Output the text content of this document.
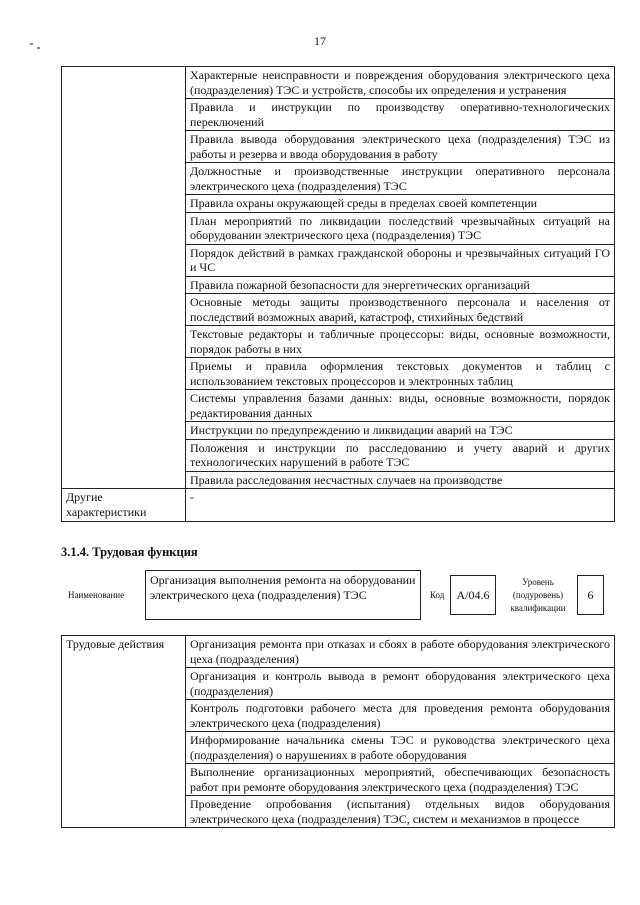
17
	Характерные неисправности и повреждения оборудования электрического цеха (подразделения) ТЭС и устройств, способы их определения и устранения
	Правила и инструкции по производству оперативно-технологических переключений
	Правила вывода оборудования электрического цеха (подразделения) ТЭС из работы и резерва и ввода оборудования в работу
	Должностные и производственные инструкции оперативного персонала электрического цеха (подразделения) ТЭС
	Правила охраны окружающей среды в пределах своей компетенции
	План мероприятий по ликвидации последствий чрезвычайных ситуаций на оборудовании электрического цеха (подразделения) ТЭС
	Порядок действий в рамках гражданской обороны и чрезвычайных ситуаций ГО и ЧС
	Правила пожарной безопасности для энергетических организаций
	Основные методы защиты производственного персонала и населения от последствий возможных аварий, катастроф, стихийных бедствий
	Текстовые редакторы и табличные процессоры: виды, основные возможности, порядок работы в них
	Приемы и правила оформления текстовых документов и таблиц с использованием текстовых процессоров и электронных таблиц
	Системы управления базами данных: виды, основные возможности, порядок редактирования данных
	Инструкции по предупреждению и ликвидации аварий на ТЭС
	Положения и инструкции по расследованию и учету аварий и других технологических нарушений в работе ТЭС
	Правила расследования несчастных случаев на производстве
Другие характеристики	-
3.1.4. Трудовая функция
Наименование
Организация выполнения ремонта на оборудовании электрического цеха (подразделения) ТЭС	Код	A/04.6
Уровень (подуровень) квалификации
6
Трудовые действия	Организация ремонта при отказах и сбоях в работе оборудования электрического цеха (подразделения)
Организация и контроль вывода в ремонт оборудования электрического цеха (подразделения)
Контроль подготовки рабочего места для проведения ремонта оборудования электрического цеха (подразделения)
Информирование начальника смены ТЭС и руководства электрического цеха (подразделения) о нарушениях в работе оборудования
Выполнение организационных мероприятий, обеспечивающих безопасность работ при ремонте оборудования электрического цеха (подразделения) ТЭС
Проведение опробования (испытания) отдельных видов оборудования электрического цеха (подразделения) ТЭС, систем и механизмов в процессе
